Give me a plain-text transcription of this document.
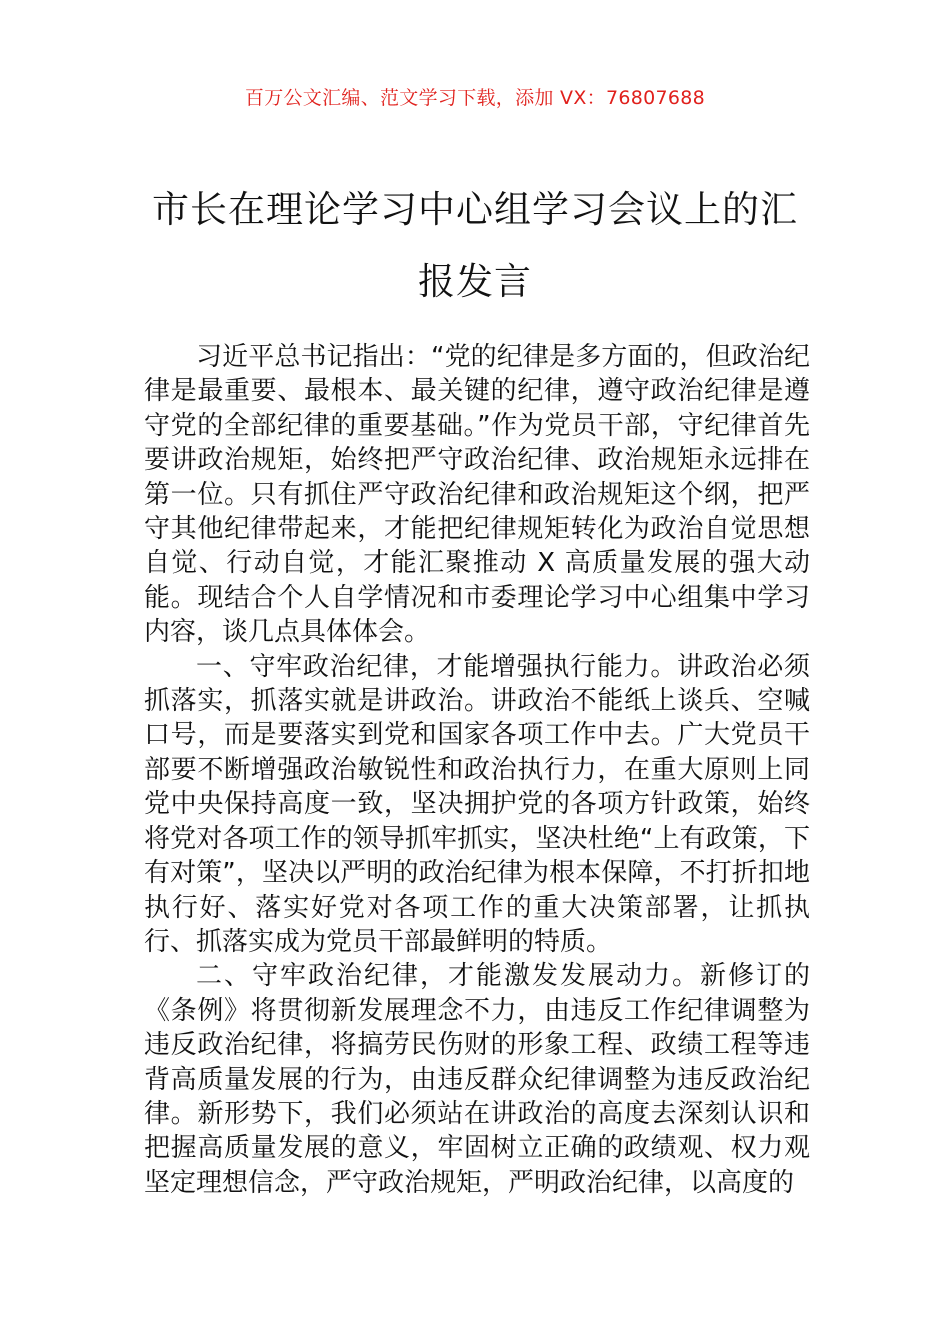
百万公文汇编、范文学习下载，添加 VX：76807688
市长在理论学习中心组学习会议上的汇报发言

习近平总书记指出：“党的纪律是多方面的，但政治纪律是最重要、最根本、最关键的纪律，遵守政治纪律是遵守党的全部纪律的重要基础。”作为党员干部，守纪律首先要讲政治规矩，始终把严守政治纪律、政治规矩永远排在第一位。只有抓住严守政治纪律和政治规矩这个纲，把严守其他纪律带起来，才能把纪律规矩转化为政治自觉思想自觉、行动自觉，才能汇聚推动 X 高质量发展的强大动能。现结合个人自学情况和市委理论学习中心组集中学习内容，谈几点具体体会。

一、守牢政治纪律，才能增强执行能力。讲政治必须抓落实，抓落实就是讲政治。讲政治不能纸上谈兵、空喊口号，而是要落实到党和国家各项工作中去。广大党员干部要不断增强政治敏锐性和政治执行力，在重大原则上同党中央保持高度一致，坚决拥护党的各项方针政策，始终将党对各项工作的领导抓牢抓实，坚决杜绝“上有政策，下有对策”，坚决以严明的政治纪律为根本保障，不打折扣地执行好、落实好党对各项工作的重大决策部署，让抓执行、抓落实成为党员干部最鲜明的特质。

二、守牢政治纪律，才能激发发展动力。新修订的《条例》将贯彻新发展理念不力，由违反工作纪律调整为违反政治纪律，将搞劳民伤财的形象工程、政绩工程等违背高质量发展的行为，由违反群众纪律调整为违反政治纪律。新形势下，我们必须站在讲政治的高度去深刻认识和把握高质量发展的意义，牢固树立正确的政绩观、权力观坚定理想信念，严守政治规矩，严明政治纪律，以高度的
